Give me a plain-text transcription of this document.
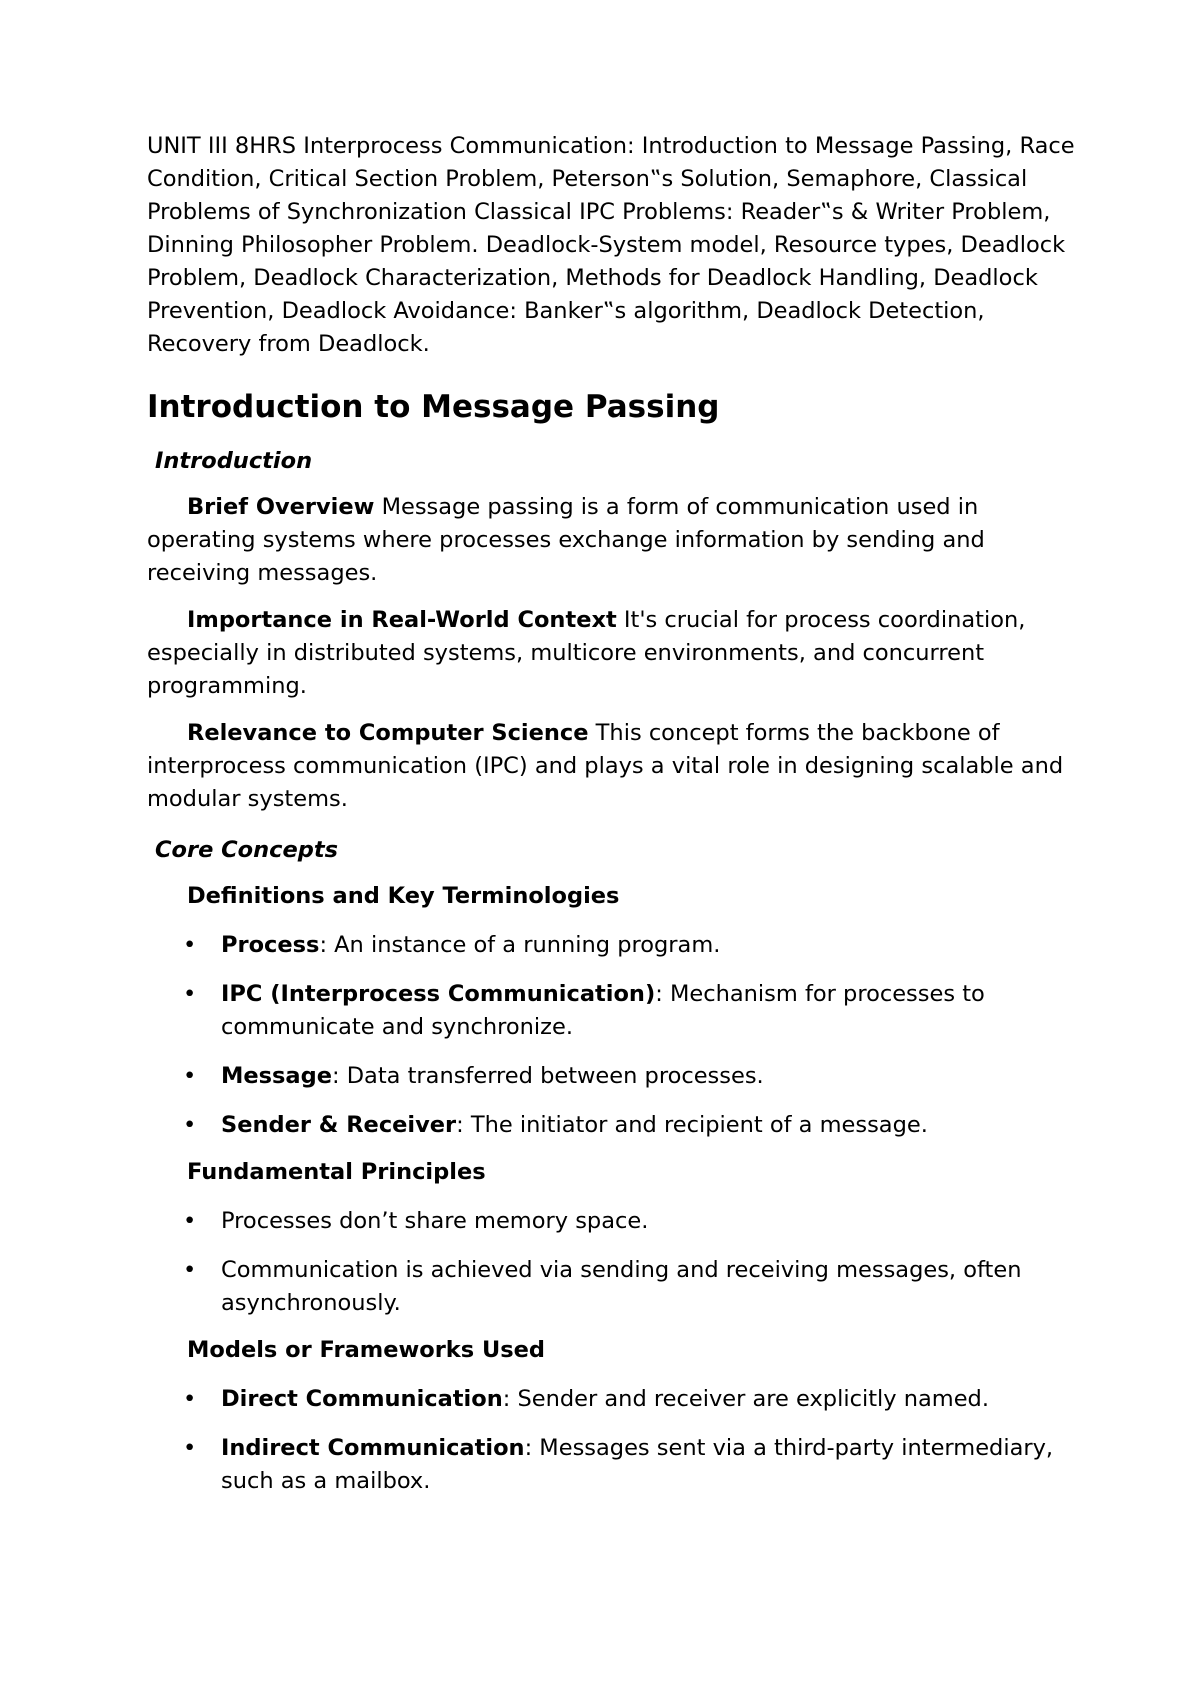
UNIT III 8HRS Interprocess Communication: Introduction to Message Passing, Race Condition, Critical Section Problem, Peterson‟s Solution, Semaphore, Classical Problems of Synchronization Classical IPC Problems: Reader‟s & Writer Problem, Dinning Philosopher Problem. Deadlock-System model, Resource types, Deadlock Problem, Deadlock Characterization, Methods for Deadlock Handling, Deadlock Prevention, Deadlock Avoidance: Banker‟s algorithm, Deadlock Detection, Recovery from Deadlock.

Introduction to Message Passing
Introduction

Brief Overview Message passing is a form of communication used in operating systems where processes exchange information by sending and receiving messages.

Importance in Real-World Context It's crucial for process coordination, especially in distributed systems, multicore environments, and concurrent programming.

Relevance to Computer Science This concept forms the backbone of interprocess communication (IPC) and plays a vital role in designing scalable and modular systems.

Core Concepts
Definitions and Key Terminologies
• Process: An instance of a running program.
• IPC (Interprocess Communication): Mechanism for processes to communicate and synchronize.
• Message: Data transferred between processes.
• Sender & Receiver: The initiator and recipient of a message.
Fundamental Principles
• Processes don’t share memory space.
• Communication is achieved via sending and receiving messages, often asynchronously.
Models or Frameworks Used
• Direct Communication: Sender and receiver are explicitly named.
• Indirect Communication: Messages sent via a third-party intermediary, such as a mailbox.
